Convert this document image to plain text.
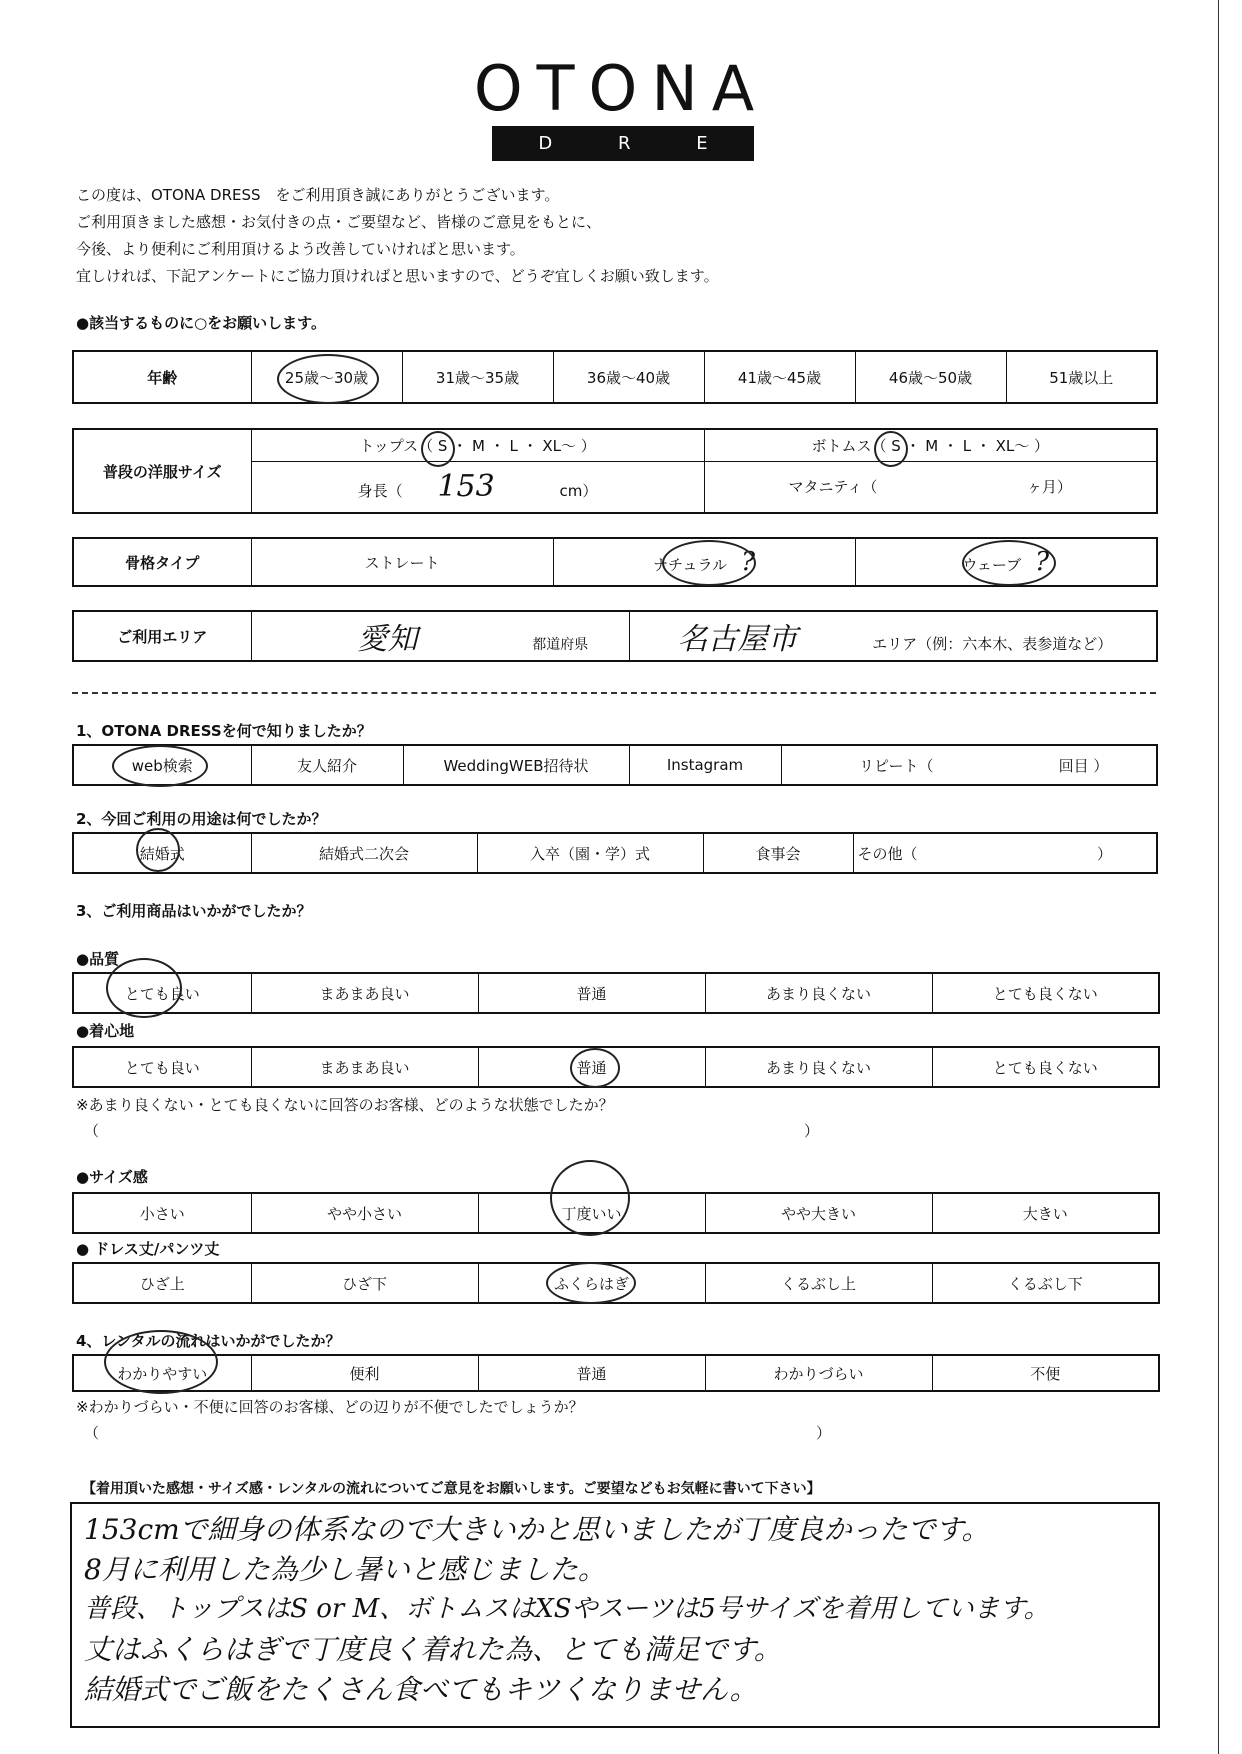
OTONA
D R E S S
この度は、OTONA DRESS　をご利用頂き誠にありがとうございます。
ご利用頂きました感想・お気付きの点・ご要望など、皆様のご意見をもとに、
今後、より便利にご利用頂けるよう改善していければと思います。
宜しければ、下記アンケートにご協力頂ければと思いますので、どうぞ宜しくお願い致します。
●該当するものに○をお願いします。
年齢	25歳～30歳	31歳～35歳	36歳～40歳	41歳～45歳	46歳～50歳	51歳以上
普段の洋服サイズ	トップス（ S ・ M ・ L ・ XL～ ）	ボトムス（ S ・ M ・ L ・ XL～ ）
	身長（ 153 cm）	マタニティ（ ヶ月）
骨格タイプ	ストレート	ナチュラル ?	ウェーブ ?
ご利用エリア	愛知	都道府県	名古屋市	エリア（例：六本木、表参道など）
1、OTONA DRESSを何で知りましたか？
web検索	友人紹介	WeddingWEB招待状	Instagram	リピート（	回目 ）
2、今回ご利用の用途は何でしたか？
結婚式	結婚式二次会	入卒（園・学）式	食事会	その他（	）
3、ご利用商品はいかがでしたか？
●品質
とても良い	まあまあ良い	普通	あまり良くない	とても良くない
●着心地
とても良い	まあまあ良い	普通	あまり良くない	とても良くない
※あまり良くない・とても良くないに回答のお客様、どのような状態でしたか？
（	）
●サイズ感
小さい	やや小さい	丁度いい	やや大きい	大きい
● ドレス丈/パンツ丈
ひざ上	ひざ下	ふくらはぎ	くるぶし上	くるぶし下
4、レンタルの流れはいかがでしたか？
わかりやすい	便利	普通	わかりづらい	不便
※わかりづらい・不便に回答のお客様、どの辺りが不便でしたでしょうか？
（	）
【着用頂いた感想・サイズ感・レンタルの流れについてご意見をお願いします。ご要望などもお気軽に書いて下さい】
153cmで細身の体系なので大きいかと思いましたが丁度良かったです。
8月に利用した為少し暑いと感じました。
普段、トップスはS or M、ボトムスはXSやスーツは5号サイズを着用しています。
丈はふくらはぎで丁度良く着れた為、とても満足です。
結婚式でご飯をたくさん食べてもキツくなりません。
